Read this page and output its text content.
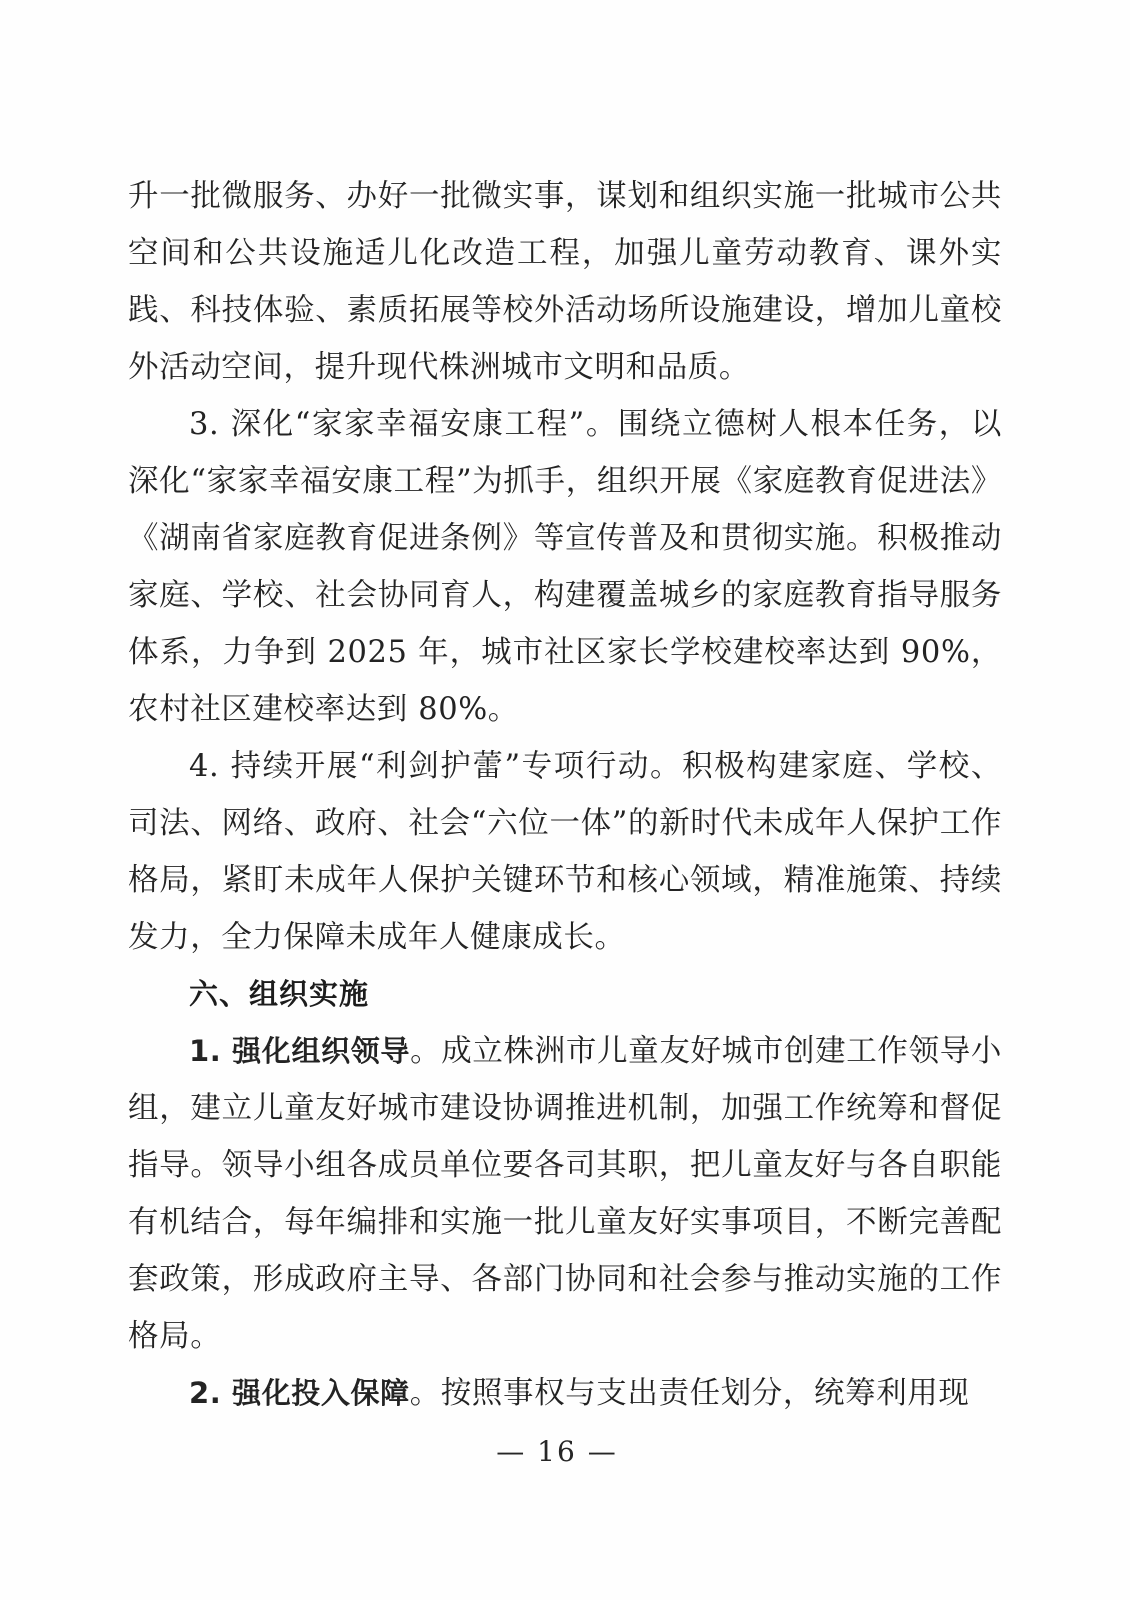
升一批微服务、办好一批微实事，谋划和组织实施一批城市公共空间和公共设施适儿化改造工程，加强儿童劳动教育、课外实践、科技体验、素质拓展等校外活动场所设施建设，增加儿童校外活动空间，提升现代株洲城市文明和品质。

3. 深化“家家幸福安康工程”。围绕立德树人根本任务，以深化“家家幸福安康工程”为抓手，组织开展《家庭教育促进法》《湖南省家庭教育促进条例》等宣传普及和贯彻实施。积极推动家庭、学校、社会协同育人，构建覆盖城乡的家庭教育指导服务体系，力争到 2025 年，城市社区家长学校建校率达到 90%，农村社区建校率达到 80%。

4. 持续开展“利剑护蕾”专项行动。积极构建家庭、学校、司法、网络、政府、社会“六位一体”的新时代未成年人保护工作格局，紧盯未成年人保护关键环节和核心领域，精准施策、持续发力，全力保障未成年人健康成长。

六、组织实施

1. 强化组织领导。成立株洲市儿童友好城市创建工作领导小组，建立儿童友好城市建设协调推进机制，加强工作统筹和督促指导。领导小组各成员单位要各司其职，把儿童友好与各自职能有机结合，每年编排和实施一批儿童友好实事项目，不断完善配套政策，形成政府主导、各部门协同和社会参与推动实施的工作格局。

2. 强化投入保障。按照事权与支出责任划分，统筹利用现

— 16 —
